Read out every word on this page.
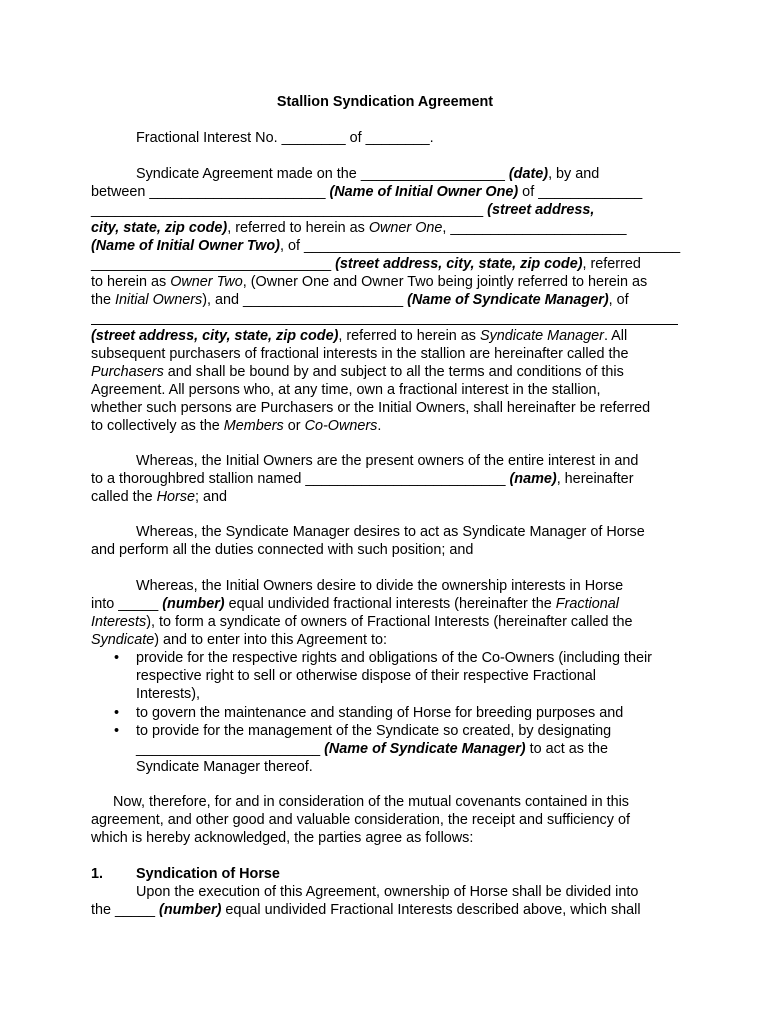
Stallion Syndication Agreement
Fractional Interest No. ________ of ________.
Syndicate Agreement made on the __________________ (date), by and
between ______________________ (Name of Initial Owner One) of _____________
_________________________________________________ (street address,
city, state, zip code), referred to herein as Owner One, ______________________
(Name of Initial Owner Two), of _______________________________________________
______________________________ (street address, city, state, zip code), referred
to herein as Owner Two, (Owner One and Owner Two being jointly referred to herein as
the Initial Owners), and ____________________ (Name of Syndicate Manager), of
(street address, city, state, zip code), referred to herein as Syndicate Manager. All
subsequent purchasers of fractional interests in the stallion are hereinafter called the
Purchasers and shall be bound by and subject to all the terms and conditions of this
Agreement. All persons who, at any time, own a fractional interest in the stallion,
whether such persons are Purchasers or the Initial Owners, shall hereinafter be referred
to collectively as the Members or Co-Owners.
Whereas, the Initial Owners are the present owners of the entire interest in and
to a thoroughbred stallion named _________________________ (name), hereinafter
called the Horse; and
Whereas, the Syndicate Manager desires to act as Syndicate Manager of Horse
and perform all the duties connected with such position; and
Whereas, the Initial Owners desire to divide the ownership interests in Horse
into _____ (number) equal undivided fractional interests (hereinafter the Fractional
Interests), to form a syndicate of owners of Fractional Interests (hereinafter called the
Syndicate) and to enter into this Agreement to:
• provide for the respective rights and obligations of the Co-Owners (including their
respective right to sell or otherwise dispose of their respective Fractional
Interests),
• to govern the maintenance and standing of Horse for breeding purposes and
• to provide for the management of the Syndicate so created, by designating
_______________________ (Name of Syndicate Manager) to act as the
Syndicate Manager thereof.
Now, therefore, for and in consideration of the mutual covenants contained in this
agreement, and other good and valuable consideration, the receipt and sufficiency of
which is hereby acknowledged, the parties agree as follows:
1. Syndication of Horse
Upon the execution of this Agreement, ownership of Horse shall be divided into
the _____ (number) equal undivided Fractional Interests described above, which shall
